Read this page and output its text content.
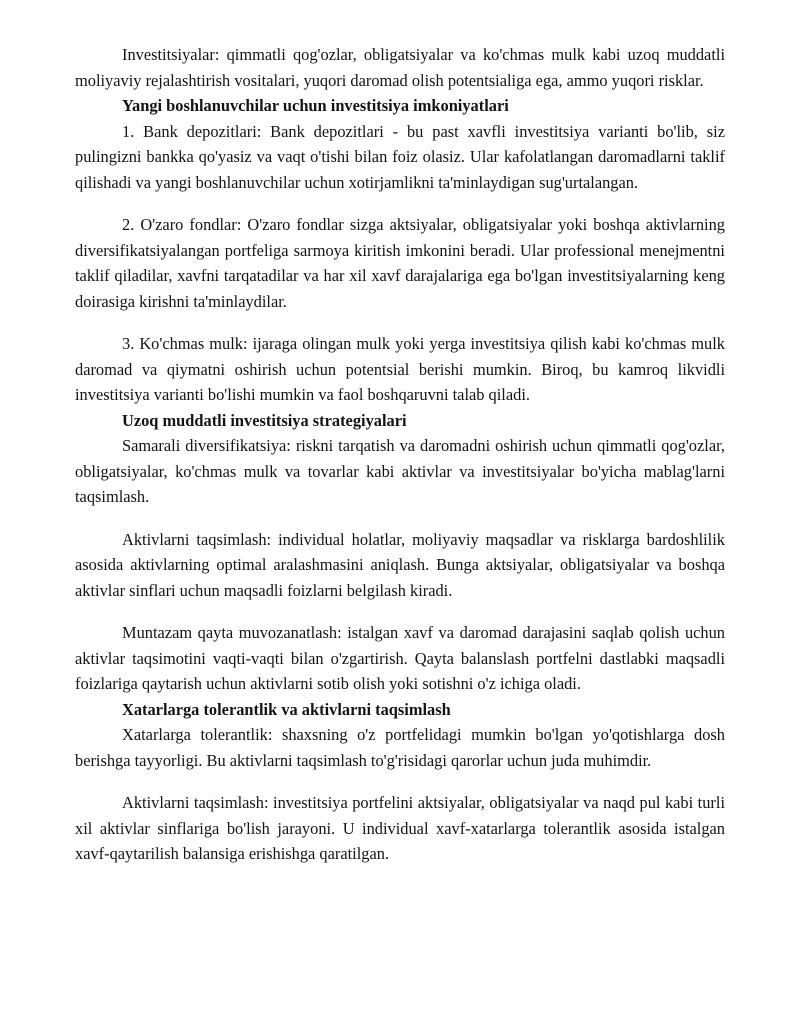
Investitsiyalar: qimmatli qog'ozlar, obligatsiyalar va ko'chmas mulk kabi uzoq muddatli moliyaviy rejalashtirish vositalari, yuqori daromad olish potentsialiga ega, ammo yuqori risklar.

Yangi boshlanuvchilar uchun investitsiya imkoniyatlari

1. Bank depozitlari: Bank depozitlari - bu past xavfli investitsiya varianti bo'lib, siz pulingizni bankka qo'yasiz va vaqt o'tishi bilan foiz olasiz. Ular kafolatlangan daromadlarni taklif qilishadi va yangi boshlanuvchilar uchun xotirjamlikni ta'minlaydigan sug'urtalangan.

2. O'zaro fondlar: O'zaro fondlar sizga aktsiyalar, obligatsiyalar yoki boshqa aktivlarning diversifikatsiyalangan portfeliga sarmoya kiritish imkonini beradi. Ular professional menejmentni taklif qiladilar, xavfni tarqatadilar va har xil xavf darajalariga ega bo'lgan investitsiyalarning keng doirasiga kirishni ta'minlaydilar.

3. Ko'chmas mulk: ijaraga olingan mulk yoki yerga investitsiya qilish kabi ko'chmas mulk daromad va qiymatni oshirish uchun potentsial berishi mumkin. Biroq, bu kamroq likvidli investitsiya varianti bo'lishi mumkin va faol boshqaruvni talab qiladi.

Uzoq muddatli investitsiya strategiyalari

Samarali diversifikatsiya: riskni tarqatish va daromadni oshirish uchun qimmatli qog'ozlar, obligatsiyalar, ko'chmas mulk va tovarlar kabi aktivlar va investitsiyalar bo'yicha mablag'larni taqsimlash.

Aktivlarni taqsimlash: individual holatlar, moliyaviy maqsadlar va risklarga bardoshlilik asosida aktivlarning optimal aralashmasini aniqlash. Bunga aktsiyalar, obligatsiyalar va boshqa aktivlar sinflari uchun maqsadli foizlarni belgilash kiradi.

Muntazam qayta muvozanatlash: istalgan xavf va daromad darajasini saqlab qolish uchun aktivlar taqsimotini vaqti-vaqti bilan o'zgartirish. Qayta balanslash portfelni dastlabki maqsadli foizlariga qaytarish uchun aktivlarni sotib olish yoki sotishni o'z ichiga oladi.

Xatarlarga tolerantlik va aktivlarni taqsimlash

Xatarlarga tolerantlik: shaxsning o'z portfelidagi mumkin bo'lgan yo'qotishlarga dosh berishga tayyorligi. Bu aktivlarni taqsimlash to'g'risidagi qarorlar uchun juda muhimdir.

Aktivlarni taqsimlash: investitsiya portfelini aktsiyalar, obligatsiyalar va naqd pul kabi turli xil aktivlar sinflariga bo'lish jarayoni. U individual xavf-xatarlarga tolerantlik asosida istalgan xavf-qaytarilish balansiga erishishga qaratilgan.
